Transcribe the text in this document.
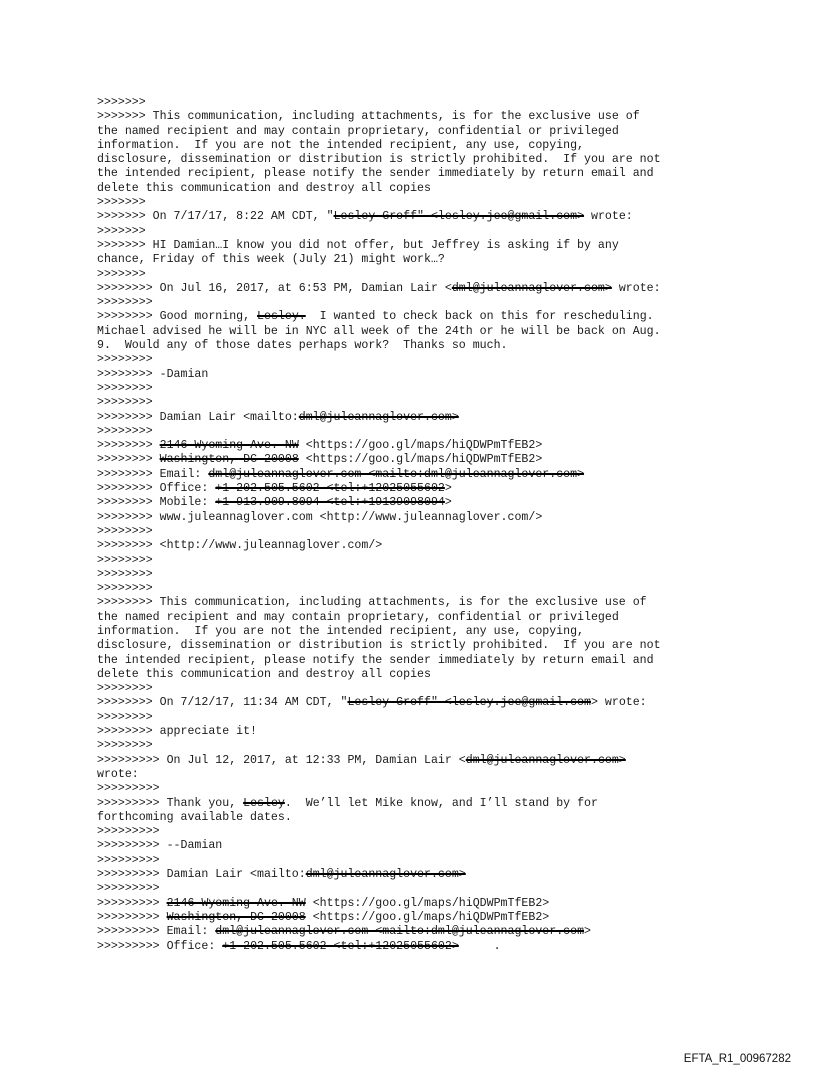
>>>>>>>
>>>>>>> This communication, including attachments, is for the exclusive use of
the named recipient and may contain proprietary, confidential or privileged
information.  If you are not the intended recipient, any use, copying,
disclosure, dissemination or distribution is strictly prohibited.  If you are not
the intended recipient, please notify the sender immediately by return email and
delete this communication and destroy all copies
>>>>>>>
>>>>>>> On 7/17/17, 8:22 AM CDT, "Lesley Groff" <lesley.jee@gmail.com> wrote:
>>>>>>>
>>>>>>> HI Damian…I know you did not offer, but Jeffrey is asking if by any
chance, Friday of this week (July 21) might work…?
>>>>>>>
>>>>>>>> On Jul 16, 2017, at 6:53 PM, Damian Lair <dml@juleannaglover.com> wrote:
>>>>>>>>
>>>>>>>> Good morning, Lesley.  I wanted to check back on this for rescheduling.
Michael advised he will be in NYC all week of the 24th or he will be back on Aug.
9.  Would any of those dates perhaps work?  Thanks so much.
>>>>>>>>
>>>>>>>> -Damian
>>>>>>>>
>>>>>>>>
>>>>>>>> Damian Lair <mailto:dml@juleannaglover.com>
>>>>>>>>
>>>>>>>> 2146 Wyoming Ave. NW <https://goo.gl/maps/hiQDWPmTfEB2>
>>>>>>>> Washington, DC 20008 <https://goo.gl/maps/hiQDWPmTfEB2>
>>>>>>>> Email: dml@juleannaglover.com <mailto:dml@juleannaglover.com>
>>>>>>>> Office: +1 202.505.5602 <tel:+12025055602>
>>>>>>>> Mobile: +1 913.909.8094 <tel:+19139098094>
>>>>>>>> www.juleannaglover.com <http://www.juleannaglover.com/>
>>>>>>>>
>>>>>>>> <http://www.juleannaglover.com/>
>>>>>>>>
>>>>>>>>
>>>>>>>>
>>>>>>>> This communication, including attachments, is for the exclusive use of
the named recipient and may contain proprietary, confidential or privileged
information.  If you are not the intended recipient, any use, copying,
disclosure, dissemination or distribution is strictly prohibited.  If you are not
the intended recipient, please notify the sender immediately by return email and
delete this communication and destroy all copies
>>>>>>>>
>>>>>>>> On 7/12/17, 11:34 AM CDT, "Lesley Groff" <lesley.jee@gmail.com> wrote:
>>>>>>>>
>>>>>>>> appreciate it!
>>>>>>>>
>>>>>>>>> On Jul 12, 2017, at 12:33 PM, Damian Lair <dml@juleannaglover.com>
wrote:
>>>>>>>>>
>>>>>>>>> Thank you, Lesley.  We’ll let Mike know, and I’ll stand by for
forthcoming available dates.
>>>>>>>>>
>>>>>>>>> --Damian
>>>>>>>>>
>>>>>>>>> Damian Lair <mailto:dml@juleannaglover.com>
>>>>>>>>>
>>>>>>>>> 2146 Wyoming Ave. NW <https://goo.gl/maps/hiQDWPmTfEB2>
>>>>>>>>> Washington, DC 20008 <https://goo.gl/maps/hiQDWPmTfEB2>
>>>>>>>>> Email: dml@juleannaglover.com <mailto:dml@juleannaglover.com>
>>>>>>>>> Office: +1 202.505.5602 <tel:+12025055602>     .
EFTA_R1_00967282
